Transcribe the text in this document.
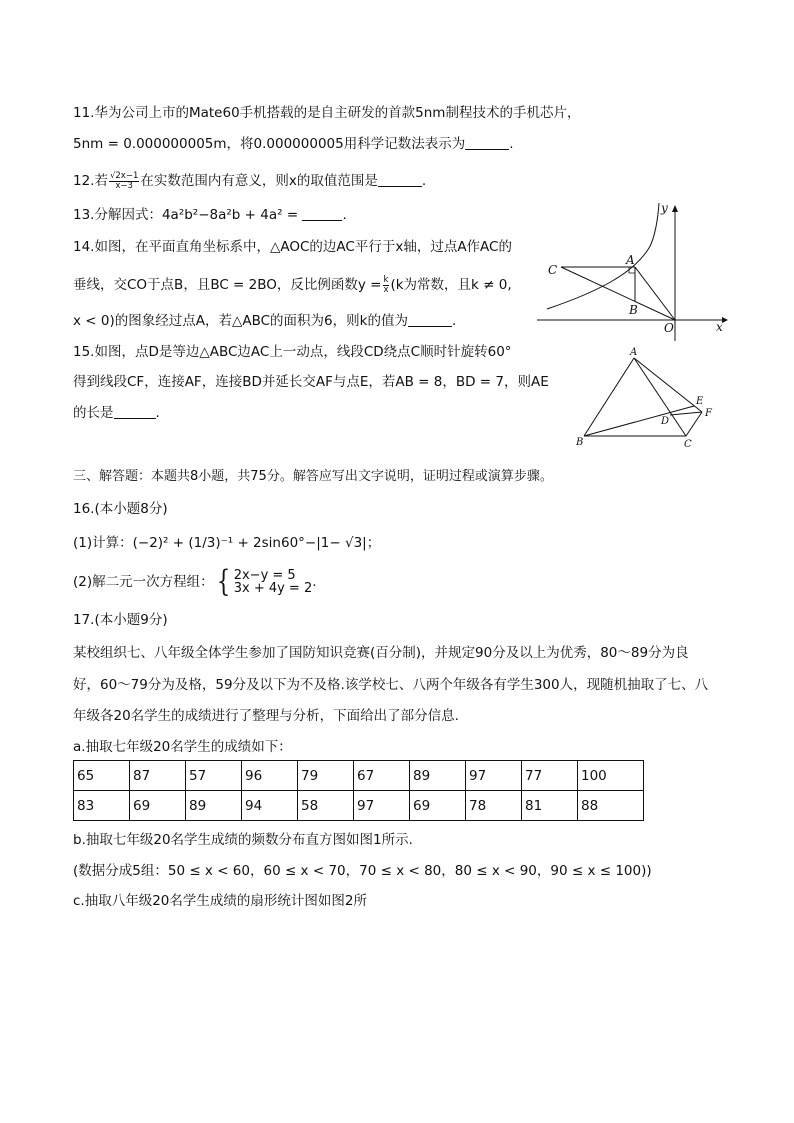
11.华为公司上市的Mate60手机搭载的是自主研发的首款5nm制程技术的手机芯片，
5nm = 0.000000005m，将0.000000005用科学记数法表示为	.
12.若 $\frac{√2x-1}{x-3}$ 在实数范围内有意义，则x的取值范围是	.
13.分解因式：4a²b²−8a²b + 4a² =	.
14.如图，在平面直角坐标系中，△AOC的边AC平行于x轴，过点A作AC的
垂线，交CO于点B，且BC = 2BO，反比例函数$y = \frac{k}{x} (k$为常数，且k ≠ 0,
x < 0)的图象经过点A，若△ABC的面积为6，则k的值为	.
y
C
A
B
O	x
15.如图，点D是等边△ABC边AC上一动点，线段CD绕点C顺时针旋转60°
得到线段CF，连接AF，连接BD并延长交AF与点E，若AB = 8，BD = 7，则AE
的长是	.
A
E
F
D
B	C
三、解答题：本题共8小题，共75分。解答应写出文字说明，证明过程或演算步骤。
16.(本小题8分)
(1)计算：(−2)² + (1/3)⁻¹ + 2sin60°−|1− √3|；
(2)解二元一次方程组： { 2x−y = 5
3x + 4y = 2 .
17.(本小题9分)
某校组织七、八年级全体学生参加了国防知识竞赛(百分制)，并规定90分及以上为优秀，80～89分为良
好，60～79分为及格，59分及以下为不及格.该学校七、八两个年级各有学生300人，现随机抽取了七、八
年级各20名学生的成绩进行了整理与分析，下面给出了部分信息.
a.抽取七年级20名学生的成绩如下：
65	87	57	96	79	67	89	97	77	100
83	69	89	94	58	97	69	78	81	88
b.抽取七年级20名学生成绩的频数分布直方图如图1所示.
(数据分成5组：50 ≤ x < 60，60 ≤ x < 70，70 ≤ x < 80，80 ≤ x < 90，90 ≤ x ≤ 100))
c.抽取八年级20名学生成绩的扇形统计图如图2所
